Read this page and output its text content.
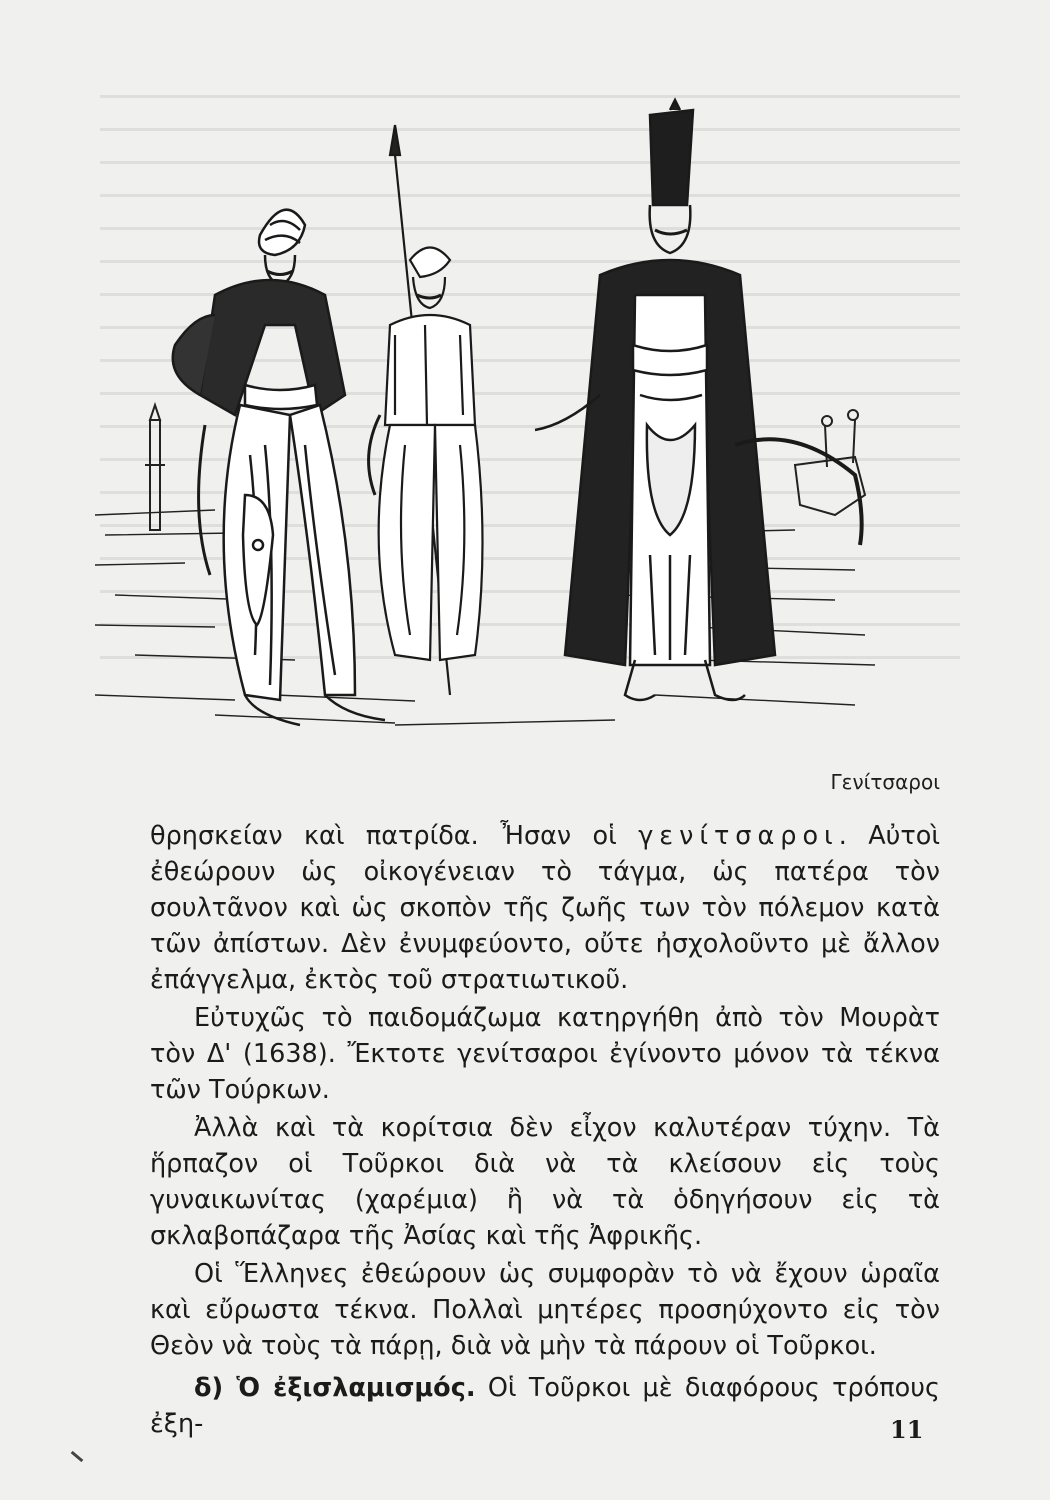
Γενίτσαροι

θρησκείαν καὶ πατρίδα. Ἦσαν οἱ γενίτσαροι. Αὐτοὶ ἐθεώρουν ὡς οἰκογένειαν τὸ τάγμα, ὡς πατέρα τὸν σουλτᾶνον καὶ ὡς σκοπὸν τῆς ζωῆς των τὸν πόλεμον κατὰ τῶν ἀπίστων. Δὲν ἐνυμφεύοντο, οὔτε ἠσχολοῦντο μὲ ἄλλον ἐπάγγελμα, ἐκτὸς τοῦ στρατιωτικοῦ.

Εὐτυχῶς τὸ παιδομάζωμα κατηργήθη ἀπὸ τὸν Μουρὰτ τὸν Δ' (1638). Ἔκτοτε γενίτσαροι ἐγίνοντο μόνον τὰ τέκνα τῶν Τούρκων.

Ἀλλὰ καὶ τὰ κορίτσια δὲν εἶχον καλυτέραν τύχην. Τὰ ἥρπαζον οἱ Τοῦρκοι διὰ νὰ τὰ κλείσουν εἰς τοὺς γυναικωνίτας (χαρέμια) ἢ νὰ τὰ ὁδηγήσουν εἰς τὰ σκλαβοπάζαρα τῆς Ἀσίας καὶ τῆς Ἀφρικῆς.

Οἱ Ἕλληνες ἐθεώρουν ὡς συμφορὰν τὸ νὰ ἔχουν ὡραῖα καὶ εὔρωστα τέκνα. Πολλαὶ μητέρες προσηύχοντο εἰς τὸν Θεὸν νὰ τοὺς τὰ πάρῃ, διὰ νὰ μὴν τὰ πάρουν οἱ Τοῦρκοι.

δ) Ὁ ἐξισλαμισμός. Οἱ Τοῦρκοι μὲ διαφόρους τρόπους ἐξη-	11
